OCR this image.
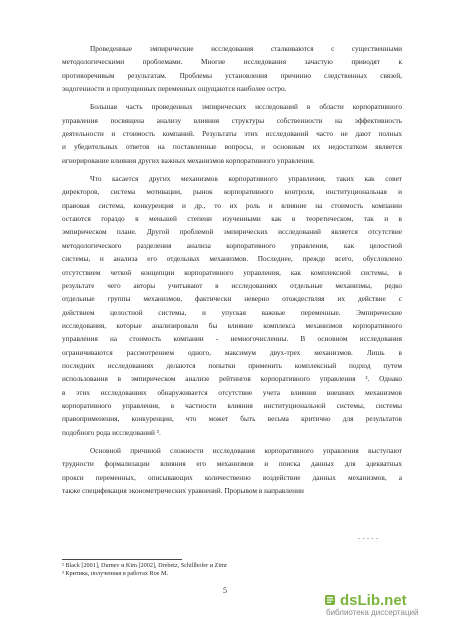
Проведенные эмпирические исследования сталкиваются с существенными
методологическими проблемами. Многие исследования зачастую приводят к
противоречивым результатам. Проблемы установления причинно следственных связей,
эндогенности и пропущенных переменных ощущаются наиболее остро.
Большая часть проведенных эмпирических исследований в области корпоративного
управления посвящена анализу влияния структуры собственности на эффективность
деятельности и стоимость компаний. Результаты этих исследований часто не дают полных
и убедительных ответов на поставленные вопросы, и основным их недостатком является
игнорирование влияния других важных механизмов корпоративного управления.
Что касается других механизмов корпоративного управления, таких как совет
директоров, система мотивации, рынок корпоративного контроля, институциональная и
правовая система, конкуренция и др., то их роль и влияние на стоимость компании
остаются гораздо в меньшей степени изученными как в теоретическом, так и в
эмпирическом плане. Другой проблемой эмпирических исследований является отсутствие
методологического разделения анализа корпоративного управления, как целостной
системы, и анализа его отдельных механизмов. Последнее, прежде всего, обусловлено
отсутствием четкой концепции корпоративного управления, как комплексной системы, в
результате чего авторы учитывают в исследованиях отдельные механизмы, редко
отдельные группы механизмов, фактически неверно отождествляя их действие с
действием целостной системы, и упуская важные переменные. Эмпирические
исследования, которые анализировали бы влияние комплекса механизмов корпоративного
управления на стоимость компании - немногочисленны. В основном исследования
ограничиваются рассмотрением одного, максимум двух-трех механизмов. Лишь в
последних исследованиях делаются попытки применить комплексный подход путем
использования в эмпирическом анализе рейтингов корпоративного управления ². Однако
в этих исследованиях обнаруживается отсутствие учета влияния внешних механизмов
корпоративного управления, в частности влияния институциональной системы, системы
правоприменения, конкуренции, что может быть весьма критично для результатов
подобного рода исследований ³.
Основной причиной сложности исследования корпоративного управления выступают
трудности формализации влияния его механизмов и поиска данных для адекватных
прокси переменных, описывающих количественно воздействие данных механизмов, а
также спецификация эконометрических уравнений. Прорывом в направлении
- - - - -
² Black [2001], Durnev и Kim [2002], Drebetz, Schillhofer и Zimr
³ Критика, полученная в работах Roe M.
5
dsLib.net
библиотека диссертаций
